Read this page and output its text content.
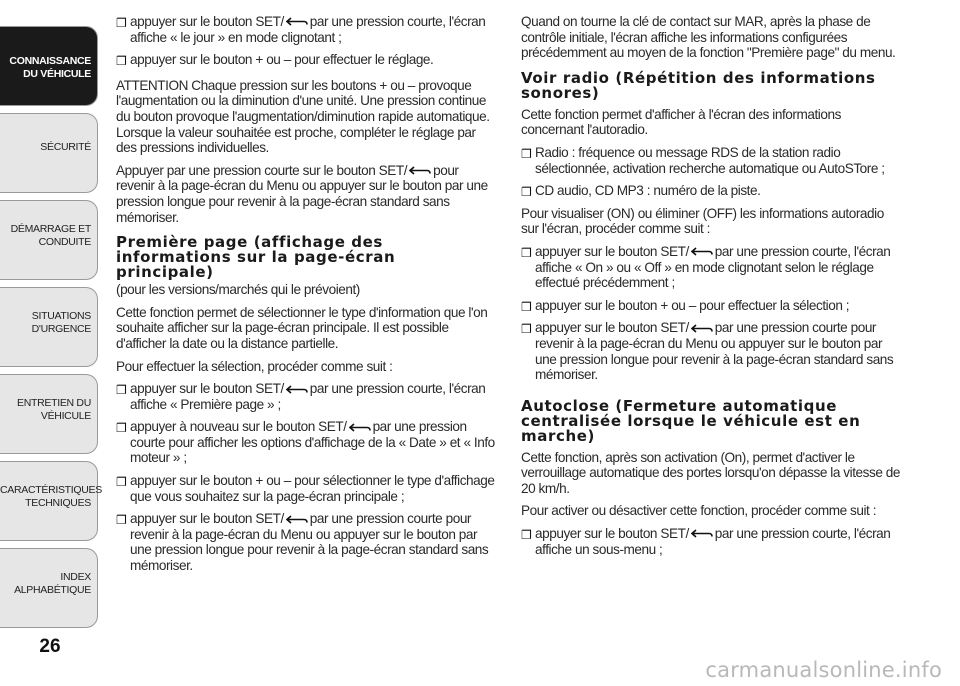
CONNAISSANCE
DU VÉHICULE
SÉCURITÉ
DÉMARRAGE ET
CONDUITE
SITUATIONS
D'URGENCE
ENTRETIEN DU
VÉHICULE
CARACTÉRISTIQUES
TECHNIQUES
INDEX
ALPHABÉTIQUE
26
❒ appuyer sur le bouton SET/ par une pression courte, l'écran affiche « le jour » en mode clignotant ;
❒ appuyer sur le bouton + ou – pour effectuer le réglage.

ATTENTION Chaque pression sur les boutons + ou – provoque l'augmentation ou la diminution d'une unité. Une pression continue du bouton provoque l'augmentation/diminution rapide automatique. Lorsque la valeur souhaitée est proche, compléter le réglage par des pressions individuelles.

Appuyer par une pression courte sur le bouton SET/ pour revenir à la page-écran du Menu ou appuyer sur le bouton par une pression longue pour revenir à la page-écran standard sans mémoriser.

Première page (affichage des informations sur la page-écran principale)

(pour les versions/marchés qui le prévoient)

Cette fonction permet de sélectionner le type d'information que l'on souhaite afficher sur la page-écran principale. Il est possible d'afficher la date ou la distance partielle.

Pour effectuer la sélection, procéder comme suit :

❒ appuyer sur le bouton SET/ par une pression courte, l'écran affiche « Première page » ;
❒ appuyer à nouveau sur le bouton SET/ par une pression courte pour afficher les options d'affichage de la « Date » et « Info moteur » ;
❒ appuyer sur le bouton + ou – pour sélectionner le type d'affichage que vous souhaitez sur la page-écran principale ;
❒ appuyer sur le bouton SET/ par une pression courte pour revenir à la page-écran du Menu ou appuyer sur le bouton par une pression longue pour revenir à la page-écran standard sans mémoriser.

Quand on tourne la clé de contact sur MAR, après la phase de contrôle initiale, l'écran affiche les informations configurées précédemment au moyen de la fonction "Première page" du menu.

Voir radio (Répétition des informations sonores)

Cette fonction permet d'afficher à l'écran des informations concernant l'autoradio.

❒ Radio : fréquence ou message RDS de la station radio sélectionnée, activation recherche automatique ou AutoSTore ;
❒ CD audio, CD MP3 : numéro de la piste.

Pour visualiser (ON) ou éliminer (OFF) les informations autoradio sur l'écran, procéder comme suit :

❒ appuyer sur le bouton SET/ par une pression courte, l'écran affiche « On » ou « Off » en mode clignotant selon le réglage effectué précédemment ;
❒ appuyer sur le bouton + ou – pour effectuer la sélection ;
❒ appuyer sur le bouton SET/ par une pression courte pour revenir à la page-écran du Menu ou appuyer sur le bouton par une pression longue pour revenir à la page-écran standard sans mémoriser.
Autoclose (Fermeture automatique centralisée lorsque le véhicule est en marche)

Cette fonction, après son activation (On), permet d'activer le verrouillage automatique des portes lorsqu'on dépasse la vitesse de 20 km/h.

Pour activer ou désactiver cette fonction, procéder comme suit :

❒ appuyer sur le bouton SET/ par une pression courte, l'écran affiche un sous-menu ;
carmanualsonline.info
